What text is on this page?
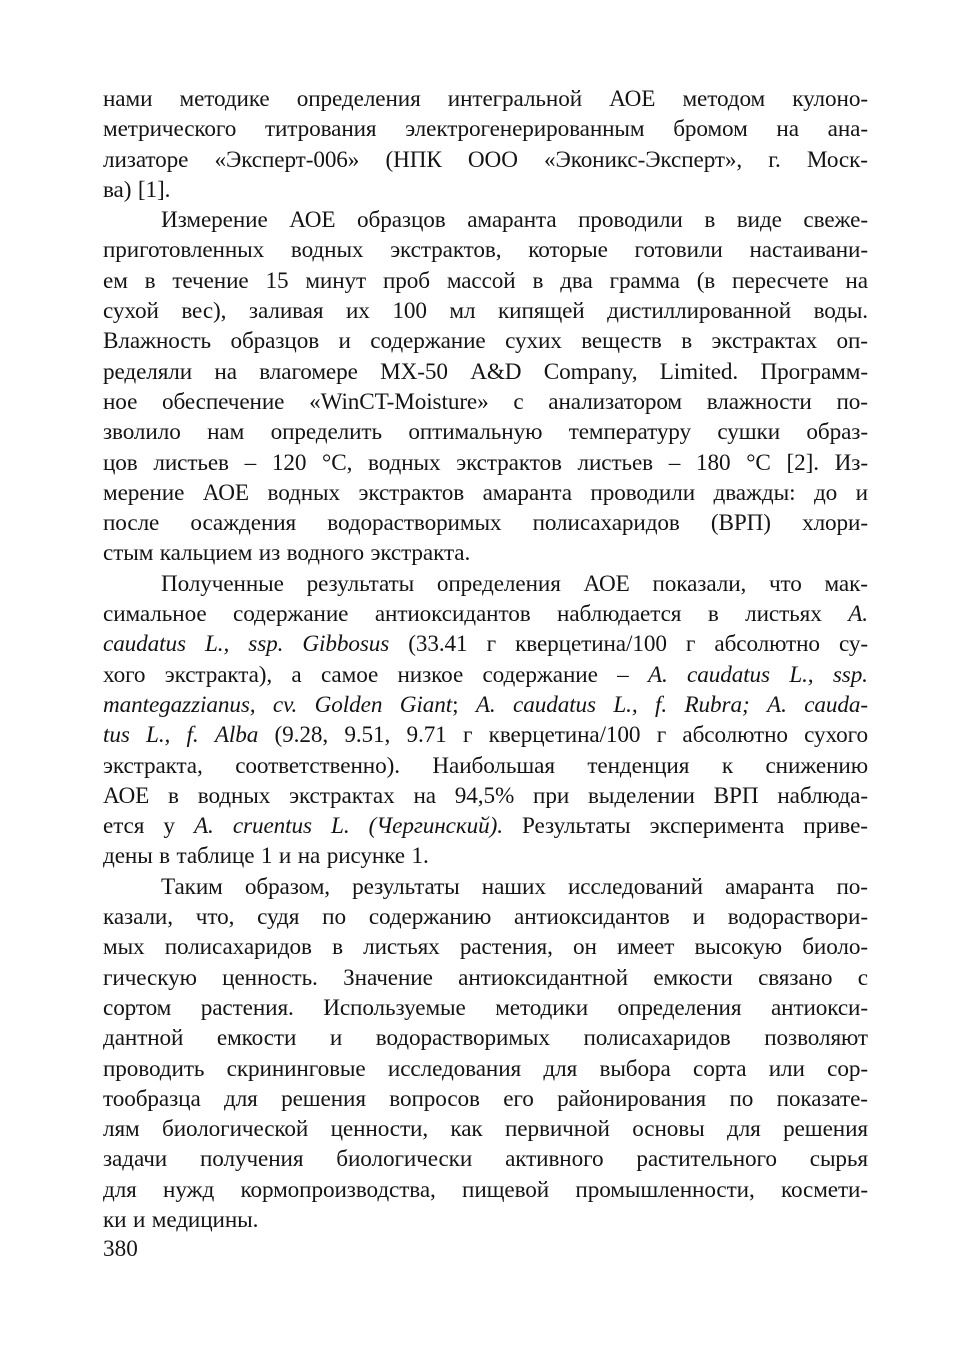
нами методике определения интегральной АОЕ методом кулоно-
метрического титрования электрогенерированным бромом на ана-
лизаторе «Эксперт-006» (НПК ООО «Эконикс-Эксперт», г. Моск-
ва) [1].
Измерение АОЕ образцов амаранта проводили в виде свеже-
приготовленных водных экстрактов, которые готовили настаивани-
ем в течение 15 минут проб массой в два грамма (в пересчете на
сухой вес), заливая их 100 мл кипящей дистиллированной воды.
Влажность образцов и содержание сухих веществ в экстрактах оп-
ределяли на влагомере MX-50 A&D Company, Limited. Программ-
ное обеспечение «WinCT-Moisture» с анализатором влажности по-
зволило нам определить оптимальную температуру сушки образ-
цов листьев – 120 °С, водных экстрактов листьев – 180 °С [2]. Из-
мерение АОЕ водных экстрактов амаранта проводили дважды: до и
после осаждения водорастворимых полисахаридов (ВРП) хлори-
стым кальцием из водного экстракта.
Полученные результаты определения АОЕ показали, что мак-
симальное содержание антиоксидантов наблюдается в листьях A.
caudatus L., ssp. Gibbosus (33.41 г кверцетина/100 г абсолютно су-
хого экстракта), а самое низкое содержание – A. caudatus L., ssp.
mantegazzianus, cv. Golden Giant; A. caudatus L., f. Rubra; A. cauda-
tus L., f. Alba (9.28, 9.51, 9.71 г кверцетина/100 г абсолютно сухого
экстракта, соответственно). Наибольшая тенденция к снижению
АОЕ в водных экстрактах на 94,5% при выделении ВРП наблюда-
ется у A. cruentus L. (Чергинский). Результаты эксперимента приве-
дены в таблице 1 и на рисунке 1.
Таким образом, результаты наших исследований амаранта по-
казали, что, судя по содержанию антиоксидантов и водораствори-
мых полисахаридов в листьях растения, он имеет высокую биоло-
гическую ценность. Значение антиоксидантной емкости связано с
сортом растения. Используемые методики определения антиокси-
дантной емкости и водорастворимых полисахаридов позволяют
проводить скрининговые исследования для выбора сорта или сор-
тообразца для решения вопросов его районирования по показате-
лям биологической ценности, как первичной основы для решения
задачи получения биологически активного растительного сырья
для нужд кормопроизводства, пищевой промышленности, космети-
ки и медицины.
380
